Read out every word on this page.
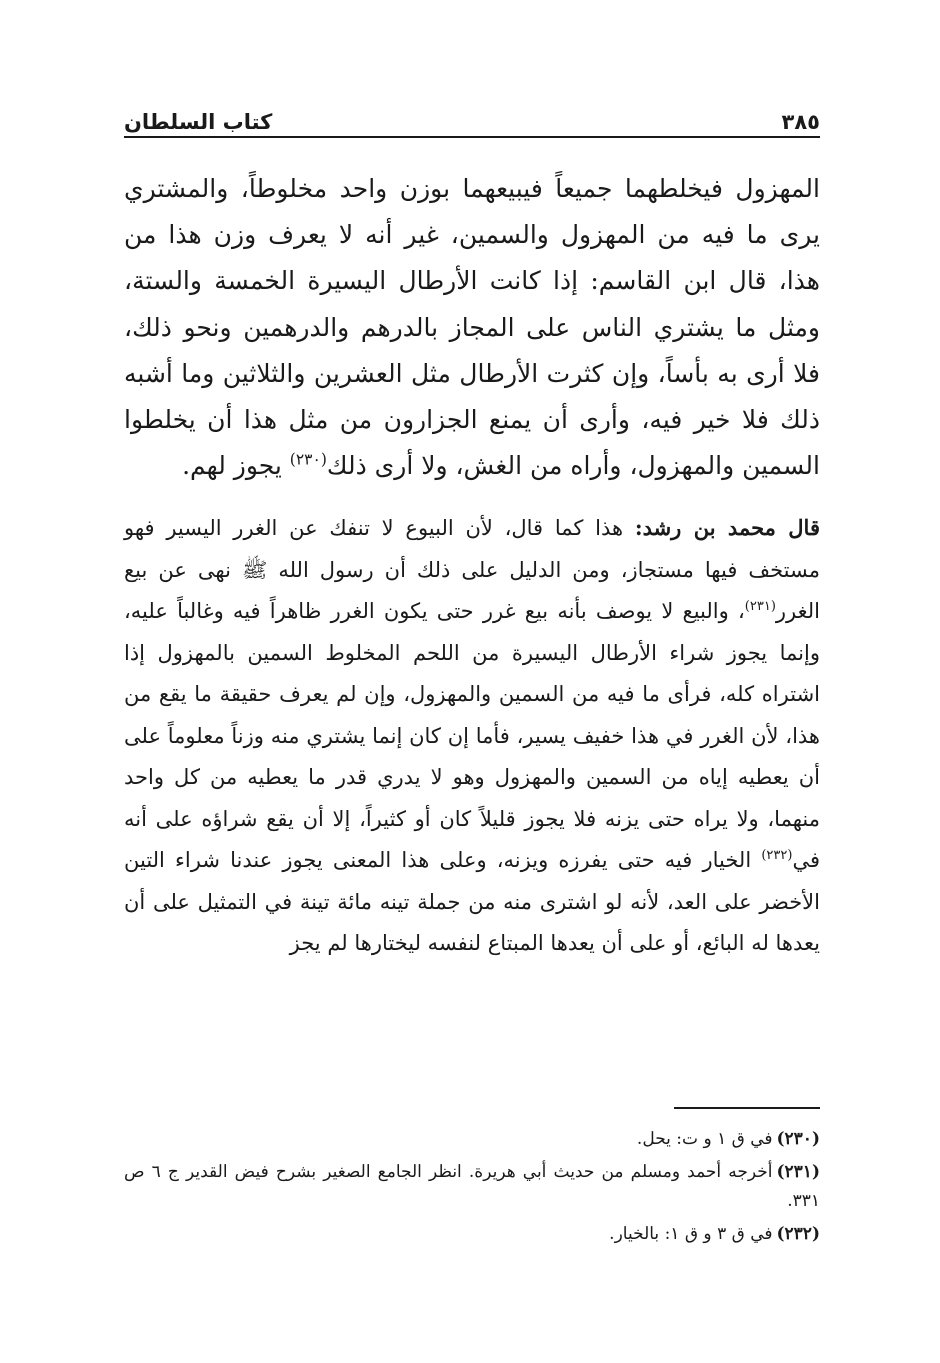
كتاب السلطان	٣٨٥

المهزول فيخلطهما جميعاً فيبيعهما بوزن واحد مخلوطاً، والمشتري يرى ما فيه من المهزول والسمين، غير أنه لا يعرف وزن هذا من هذا، قال ابن القاسم: إذا كانت الأرطال اليسيرة الخمسة والستة، ومثل ما يشتري الناس على المجاز بالدرهم والدرهمين ونحو ذلك، فلا أرى به بأساً، وإن كثرت الأرطال مثل العشرين والثلاثين وما أشبه ذلك فلا خير فيه، وأرى أن يمنع الجزارون من مثل هذا أن يخلطوا السمين والمهزول، وأراه من الغش، ولا أرى ذلك$^{(٢٣٠)}$ يجوز لهم.

قال محمد بن رشد: هذا كما قال، لأن البيوع لا تنفك عن الغرر اليسير فهو مستخف فيها مستجاز، ومن الدليل على ذلك أن رسول الله ﷺ نهى عن بيع الغرر$^{(٢٣١)}$، والبيع لا يوصف بأنه بيع غرر حتى يكون الغرر ظاهراً فيه وغالباً عليه، وإنما يجوز شراء الأرطال اليسيرة من اللحم المخلوط السمين بالمهزول إذا اشتراه كله، فرأى ما فيه من السمين والمهزول، وإن لم يعرف حقيقة ما يقع من هذا، لأن الغرر في هذا خفيف يسير، فأما إن كان إنما يشتري منه وزناً معلوماً على أن يعطيه إياه من السمين والمهزول وهو لا يدري قدر ما يعطيه من كل واحد منهما، ولا يراه حتى يزنه فلا يجوز قليلاً كان أو كثيراً، إلا أن يقع شراؤه على أنه في$^{(٢٣٢)}$ الخيار فيه حتى يفرزه ويزنه، وعلى هذا المعنى يجوز عندنا شراء التين الأخضر على العد، لأنه لو اشترى منه من جملة تينه مائة تينة في التمثيل على أن يعدها له البائع، أو على أن يعدها المبتاع لنفسه ليختارها لم يجز

(٢٣٠)في ق ١ و ت: يحل.

(٢٣١)أخرجه أحمد ومسلم من حديث أبي هريرة. انظر الجامع الصغير بشرح فيض القدير ج ٦ ص ٣٣١.

(٢٣٢)في ق ٣ و ق ١: بالخيار.
